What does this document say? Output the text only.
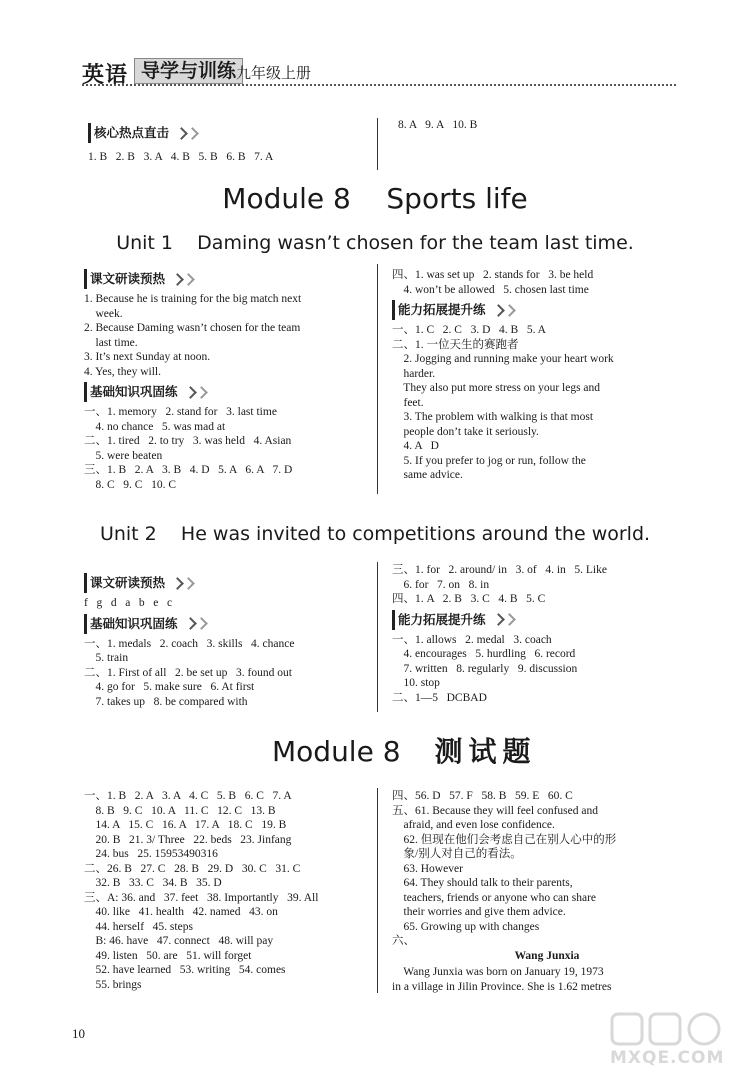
英语 导学与训练 九年级上册
核心热点直击
1. B   2. B   3. A   4. B   5. B   6. B   7. A
8. A   9. A   10. B
Module 8    Sports life
Unit 1    Daming wasn’t chosen for the team last time.
课文研读预热
1. Because he is training for the big match next
week.
2. Because Daming wasn’t chosen for the team
last time.
3. It’s next Sunday at noon.
4. Yes, they will.
基础知识巩固练
一、1. memory   2. stand for   3. last time
4. no chance   5. was mad at
二、1. tired   2. to try   3. was held   4. Asian
5. were beaten
三、1. B   2. A   3. B   4. D   5. A   6. A   7. D
8. C   9. C   10. C
四、1. was set up   2. stands for   3. be held
4. won’t be allowed   5. chosen last time
能力拓展提升练
一、1. C   2. C   3. D   4. B   5. A
二、1. 一位天生的赛跑者
2. Jogging and running make your heart work
harder.
They also put more stress on your legs and
feet.
3. The problem with walking is that most
people don’t take it seriously.
4. A   D
5. If you prefer to jog or run, follow the
same advice.
Unit 2    He was invited to competitions around the world.
课文研读预热
f   g   d   a   b   e   c
基础知识巩固练
一、1. medals   2. coach   3. skills   4. chance
5. train
二、1. First of all   2. be set up   3. found out
4. go for   5. make sure   6. At first
7. takes up   8. be compared with
三、1. for   2. around/ in   3. of   4. in   5. Like
6. for   7. on   8. in
四、1. A   2. B   3. C   4. B   5. C
能力拓展提升练
一、1. allows   2. medal   3. coach
4. encourages   5. hurdling   6. record
7. written   8. regularly   9. discussion
10. stop
二、1—5   DCBAD
Module 8 测试题
一、1. B   2. A   3. A   4. C   5. B   6. C   7. A
8. B   9. C   10. A   11. C   12. C   13. B
14. A   15. C   16. A   17. A   18. C   19. B
20. B   21. 3/ Three   22. beds   23. Jinfang
24. bus   25. 15953490316
二、26. B   27. C   28. B   29. D   30. C   31. C
32. B   33. C   34. B   35. D
三、A: 36. and   37. feet   38. Importantly   39. All
40. like   41. health   42. named   43. on
44. herself   45. steps
B: 46. have   47. connect   48. will pay
49. listen   50. are   51. will forget
52. have learned   53. writing   54. comes
55. brings
四、56. D   57. F   58. B   59. E   60. C
五、61. Because they will feel confused and
afraid, and even lose confidence.
62. 但现在他们会考虑自己在别人心中的形
象/别人对自己的看法。
63. However
64. They should talk to their parents,
teachers, friends or anyone who can share
their worries and give them advice.
65. Growing up with changes
六、
Wang Junxia
Wang Junxia was born on January 19, 1973
in a village in Jilin Province. She is 1.62 metres
10
MXQE.COM
